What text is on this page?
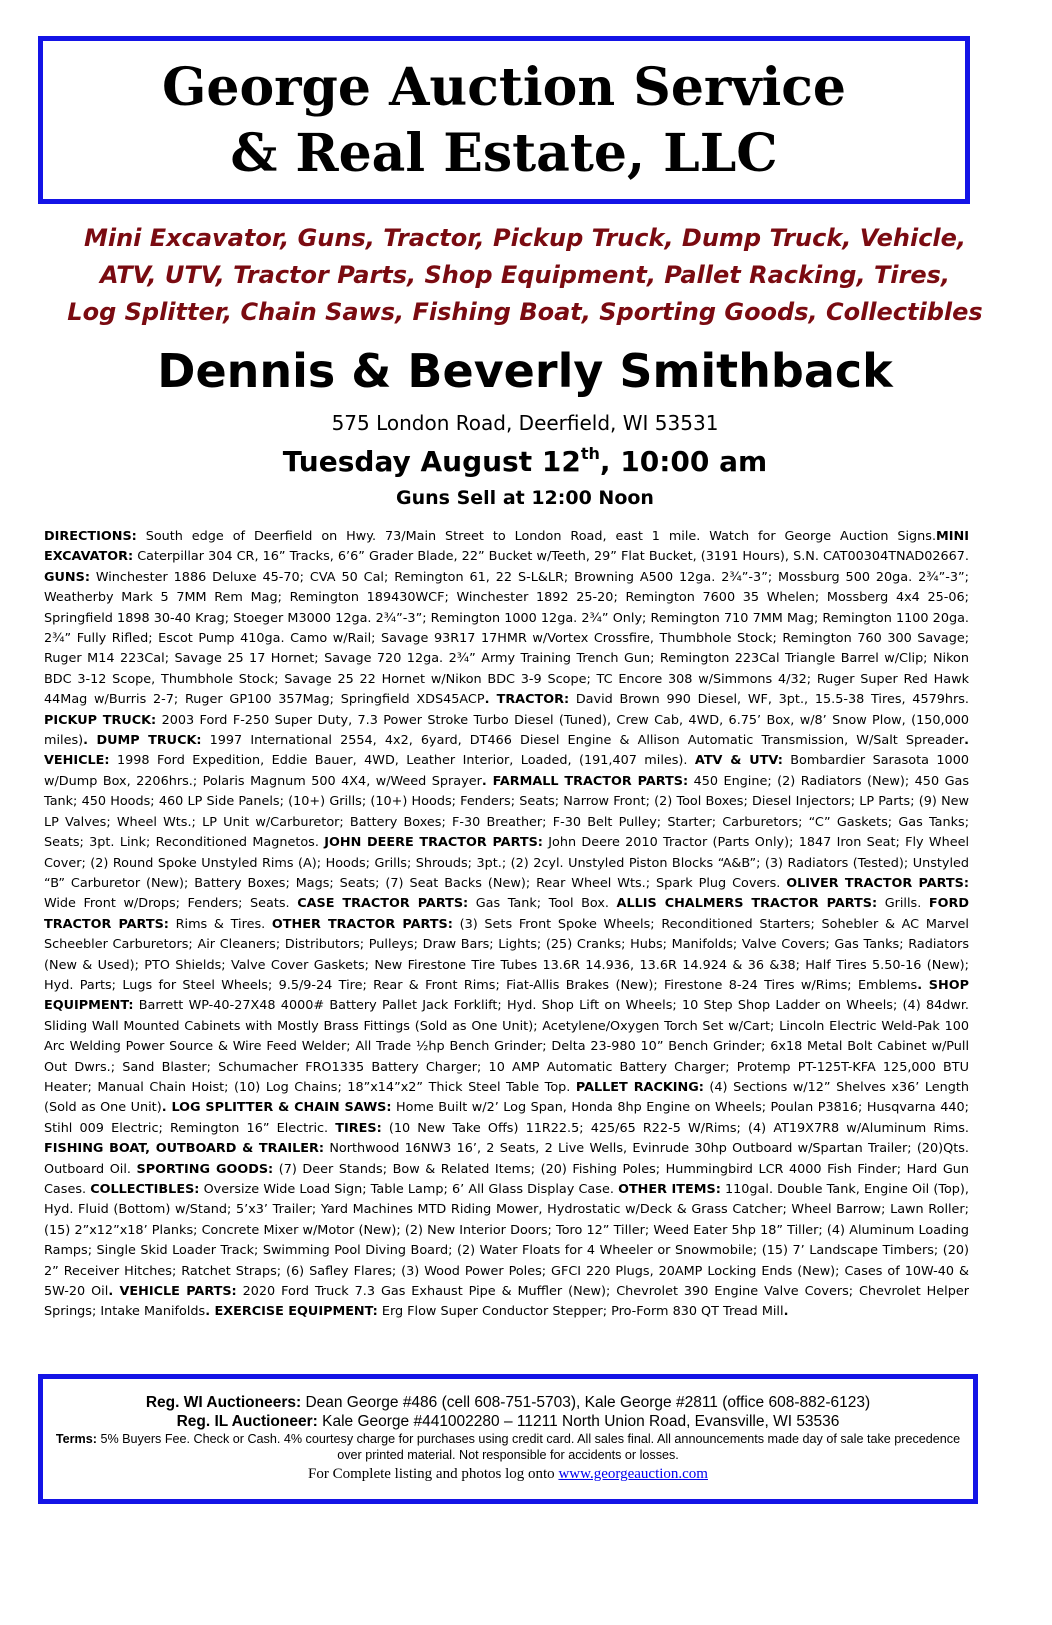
George Auction Service
& Real Estate, LLC
Mini Excavator, Guns, Tractor, Pickup Truck, Dump Truck, Vehicle,
ATV, UTV, Tractor Parts, Shop Equipment, Pallet Racking, Tires,
Log Splitter, Chain Saws, Fishing Boat, Sporting Goods, Collectibles
Dennis & Beverly Smithback
575 London Road, Deerfield, WI 53531
Tuesday August 12th, 10:00 am
Guns Sell at 12:00 Noon

DIRECTIONS: South edge of Deerfield on Hwy. 73/Main Street to London Road, east 1 mile. Watch for George Auction Signs.MINI EXCAVATOR: Caterpillar 304 CR, 16” Tracks, 6’6” Grader Blade, 22” Bucket w/Teeth, 29” Flat Bucket, (3191 Hours), S.N. CAT00304TNAD02667. GUNS: Winchester 1886 Deluxe 45-70; CVA 50 Cal; Remington 61, 22 S-L&LR; Browning A500 12ga. 2¾”-3”; Mossburg 500 20ga. 2¾”-3”; Weatherby Mark 5 7MM Rem Mag; Remington 189430WCF; Winchester 1892 25-20; Remington 7600 35 Whelen; Mossberg 4x4 25-06; Springfield 1898 30-40 Krag; Stoeger M3000 12ga. 2¾”-3”; Remington 1000 12ga. 2¾” Only; Remington 710 7MM Mag; Remington 1100 20ga. 2¾” Fully Rifled; Escot Pump 410ga. Camo w/Rail; Savage 93R17 17HMR w/Vortex Crossfire, Thumbhole Stock; Remington 760 300 Savage; Ruger M14 223Cal; Savage 25 17 Hornet; Savage 720 12ga. 2¾” Army Training Trench Gun; Remington 223Cal Triangle Barrel w/Clip; Nikon BDC 3-12 Scope, Thumbhole Stock; Savage 25 22 Hornet w/Nikon BDC 3-9 Scope; TC Encore 308 w/Simmons 4/32; Ruger Super Red Hawk 44Mag w/Burris 2-7; Ruger GP100 357Mag; Springfield XDS45ACP. TRACTOR: David Brown 990 Diesel, WF, 3pt., 15.5-38 Tires, 4579hrs. PICKUP TRUCK: 2003 Ford F-250 Super Duty, 7.3 Power Stroke Turbo Diesel (Tuned), Crew Cab, 4WD, 6.75’ Box, w/8’ Snow Plow, (150,000 miles). DUMP TRUCK: 1997 International 2554, 4x2, 6yard, DT466 Diesel Engine & Allison Automatic Transmission, W/Salt Spreader. VEHICLE: 1998 Ford Expedition, Eddie Bauer, 4WD, Leather Interior, Loaded, (191,407 miles). ATV & UTV: Bombardier Sarasota 1000 w/Dump Box, 2206hrs.; Polaris Magnum 500 4X4, w/Weed Sprayer. FARMALL TRACTOR PARTS: 450 Engine; (2) Radiators (New); 450 Gas Tank; 450 Hoods; 460 LP Side Panels; (10+) Grills; (10+) Hoods; Fenders; Seats; Narrow Front; (2) Tool Boxes; Diesel Injectors; LP Parts; (9) New LP Valves; Wheel Wts.; LP Unit w/Carburetor; Battery Boxes; F-30 Breather; F-30 Belt Pulley; Starter; Carburetors; “C” Gaskets; Gas Tanks; Seats; 3pt. Link; Reconditioned Magnetos. JOHN DEERE TRACTOR PARTS: John Deere 2010 Tractor (Parts Only); 1847 Iron Seat; Fly Wheel Cover; (2) Round Spoke Unstyled Rims (A); Hoods; Grills; Shrouds; 3pt.; (2) 2cyl. Unstyled Piston Blocks “A&B”; (3) Radiators (Tested); Unstyled “B” Carburetor (New); Battery Boxes; Mags; Seats; (7) Seat Backs (New); Rear Wheel Wts.; Spark Plug Covers. OLIVER TRACTOR PARTS: Wide Front w/Drops; Fenders; Seats. CASE TRACTOR PARTS: Gas Tank; Tool Box. ALLIS CHALMERS TRACTOR PARTS: Grills. FORD TRACTOR PARTS: Rims & Tires. OTHER TRACTOR PARTS: (3) Sets Front Spoke Wheels; Reconditioned Starters; Sohebler & AC Marvel Scheebler Carburetors; Air Cleaners; Distributors; Pulleys; Draw Bars; Lights; (25) Cranks; Hubs; Manifolds; Valve Covers; Gas Tanks; Radiators (New & Used); PTO Shields; Valve Cover Gaskets; New Firestone Tire Tubes 13.6R 14.936, 13.6R 14.924 & 36 &38; Half Tires 5.50-16 (New); Hyd. Parts; Lugs for Steel Wheels; 9.5/9-24 Tire; Rear & Front Rims; Fiat-Allis Brakes (New); Firestone 8-24 Tires w/Rims; Emblems. SHOP EQUIPMENT: Barrett WP-40-27X48 4000# Battery Pallet Jack Forklift; Hyd. Shop Lift on Wheels; 10 Step Shop Ladder on Wheels; (4) 84dwr. Sliding Wall Mounted Cabinets with Mostly Brass Fittings (Sold as One Unit); Acetylene/Oxygen Torch Set w/Cart; Lincoln Electric Weld-Pak 100 Arc Welding Power Source & Wire Feed Welder; All Trade ½hp Bench Grinder; Delta 23-980 10” Bench Grinder; 6x18 Metal Bolt Cabinet w/Pull Out Dwrs.; Sand Blaster; Schumacher FRO1335 Battery Charger; 10 AMP Automatic Battery Charger; Protemp PT-125T-KFA 125,000 BTU Heater; Manual Chain Hoist; (10) Log Chains; 18”x14”x2” Thick Steel Table Top. PALLET RACKING: (4) Sections w/12” Shelves x36’ Length (Sold as One Unit). LOG SPLITTER & CHAIN SAWS: Home Built w/2’ Log Span, Honda 8hp Engine on Wheels; Poulan P3816; Husqvarna 440; Stihl 009 Electric; Remington 16” Electric. TIRES: (10 New Take Offs) 11R22.5; 425/65 R22-5 W/Rims; (4) AT19X7R8 w/Aluminum Rims. FISHING BOAT, OUTBOARD & TRAILER: Northwood 16NW3 16’, 2 Seats, 2 Live Wells, Evinrude 30hp Outboard w/Spartan Trailer; (20)Qts. Outboard Oil. SPORTING GOODS: (7) Deer Stands; Bow & Related Items; (20) Fishing Poles; Hummingbird LCR 4000 Fish Finder; Hard Gun Cases. COLLECTIBLES: Oversize Wide Load Sign; Table Lamp; 6’ All Glass Display Case. OTHER ITEMS: 110gal. Double Tank, Engine Oil (Top), Hyd. Fluid (Bottom) w/Stand; 5’x3’ Trailer; Yard Machines MTD Riding Mower, Hydrostatic w/Deck & Grass Catcher; Wheel Barrow; Lawn Roller; (15) 2”x12”x18’ Planks; Concrete Mixer w/Motor (New); (2) New Interior Doors; Toro 12” Tiller; Weed Eater 5hp 18” Tiller; (4) Aluminum Loading Ramps; Single Skid Loader Track; Swimming Pool Diving Board; (2) Water Floats for 4 Wheeler or Snowmobile; (15) 7’ Landscape Timbers; (20) 2” Receiver Hitches; Ratchet Straps; (6) Safley Flares; (3) Wood Power Poles; GFCI 220 Plugs, 20AMP Locking Ends (New); Cases of 10W-40 & 5W-20 Oil. VEHICLE PARTS: 2020 Ford Truck 7.3 Gas Exhaust Pipe & Muffler (New); Chevrolet 390 Engine Valve Covers; Chevrolet Helper Springs; Intake Manifolds. EXERCISE EQUIPMENT: Erg Flow Super Conductor Stepper; Pro-Form 830 QT Tread Mill.

Reg. WI Auctioneers: Dean George #486 (cell 608-751-5703), Kale George #2811 (office 608-882-6123)
Reg. IL Auctioneer: Kale George #441002280 – 11211 North Union Road, Evansville, WI 53536
Terms: 5% Buyers Fee. Check or Cash. 4% courtesy charge for purchases using credit card. All sales final. All announcements made day of sale take precedence over printed material. Not responsible for accidents or losses.
For Complete listing and photos log onto www.georgeauction.com
